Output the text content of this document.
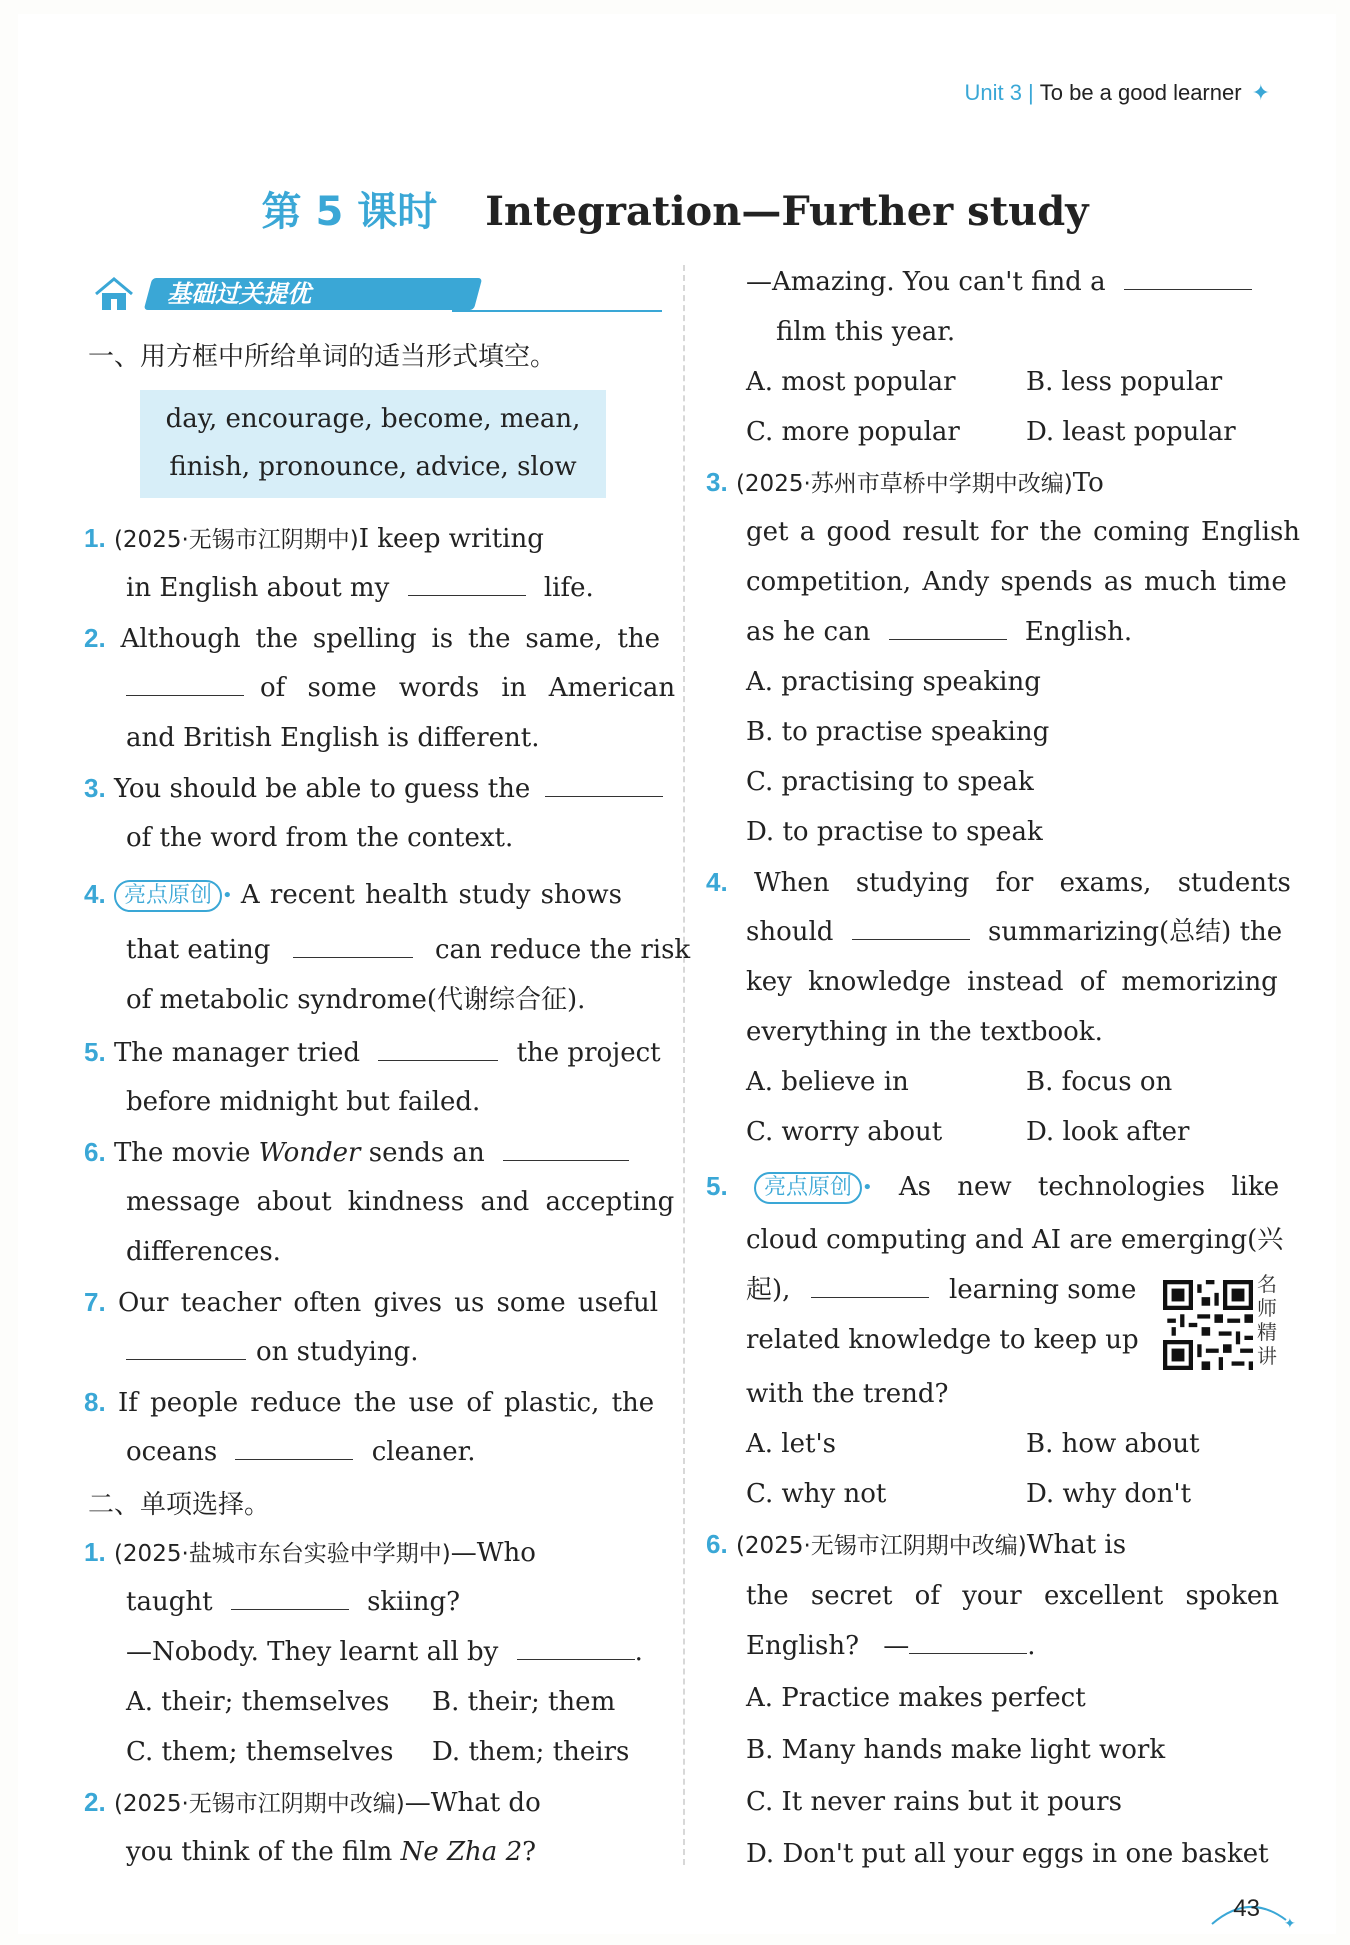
Unit 3 | To be a good learner ✦
第 5 课时 Integration—Further study
基础过关提优
一、用方框中所给单词的适当形式填空。
day, encourage, become, mean,
finish, pronounce, advice, slow
1. (2025·无锡市江阴期中)I keep writing
in English about my	life.
2. Although the spelling is the same, the
of some words in American
and British English is different.
3. You should be able to guess the
of the word from the context.
4. 亮点原创 • A recent health study shows
that eating	can reduce the risk
of metabolic syndrome(代谢综合征).
5. The manager tried	the project
before midnight but failed.
6. The movie Wonder sends an
message about kindness and accepting
differences.
7. Our teacher often gives us some useful
on studying.
8. If people reduce the use of plastic, the
oceans	cleaner.
二、单项选择。
1. (2025·盐城市东台实验中学期中)—Who
taught	skiing?
—Nobody. They learnt all by	.
A. their; themselves B. their; them
C. them; themselves D. them; theirs
2. (2025·无锡市江阴期中改编)—What do
you think of the film Ne Zha 2?
—Amazing. You can't find a
film this year.
A. most popular	B. less popular
C. more popular	D. least popular
3. (2025·苏州市草桥中学期中改编)To
get a good result for the coming English
competition, Andy spends as much time
as he can	English.
A. practising speaking
B. to practise speaking
C. practising to speak
D. to practise to speak
4. When studying for exams, students
should	summarizing(总结) the
key knowledge instead of memorizing
everything in the textbook.
A. believe in	B. focus on
C. worry about	D. look after
5. 亮点原创 • As new technologies like
cloud computing and AI are emerging(兴
起),	learning some
related knowledge to keep up
with the trend?
名师精讲
A. let's	B. how about
C. why not	D. why don't
6. (2025·无锡市江阴期中改编)What is
the secret of your excellent spoken
English? —	.
A. Practice makes perfect
B. Many hands make light work
C. It never rains but it pours
D. Don't put all your eggs in one basket
✦
43
